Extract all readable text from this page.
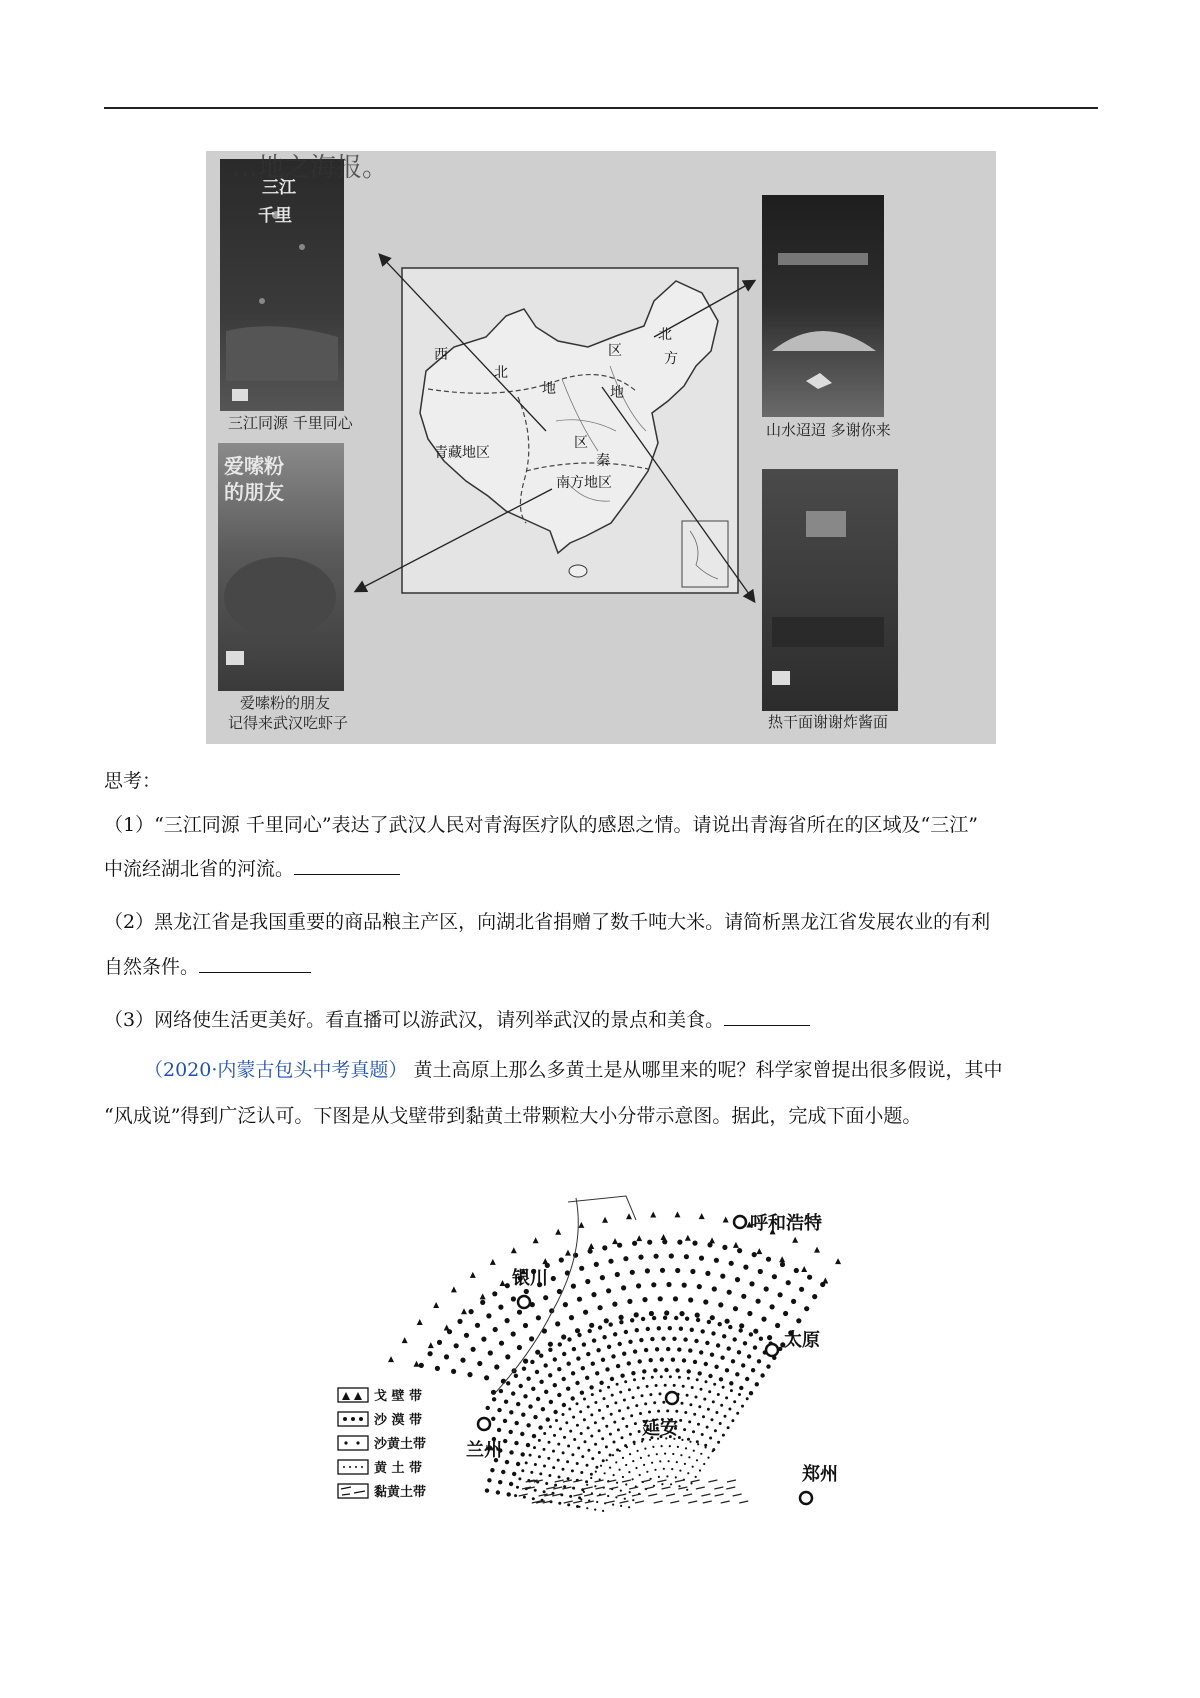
西
北
地
区
北
区	方
地
青藏地区
南方地区
秦
三江
千里
爱嗦粉
的朋友
…地之海报。
三江同源 千里同心	山水迢迢 多谢你来
爱嗦粉的朋友
记得来武汉吃虾子	热干面谢谢炸酱面
思考：
（1）“三江同源 千里同心”表达了武汉人民对青海医疗队的感恩之情。请说出青海省所在的区域及“三江”
中流经湖北省的河流。
（2）黑龙江省是我国重要的商品粮主产区，向湖北省捐赠了数千吨大米。请简析黑龙江省发展农业的有利
自然条件。
（3）网络使生活更美好。看直播可以游武汉，请列举武汉的景点和美食。
（2020·内蒙古包头中考真题） 黄土高原上那么多黄土是从哪里来的呢？科学家曾提出很多假说，其中
“风成说”得到广泛认可。下图是从戈壁带到黏黄土带颗粒大小分带示意图。据此，完成下面小题。
呼和浩特
银川
太原
延安
兰州
郑州
戈 壁 带
沙 漠 带
沙黄土带
黄 土 带
黏黄土带
